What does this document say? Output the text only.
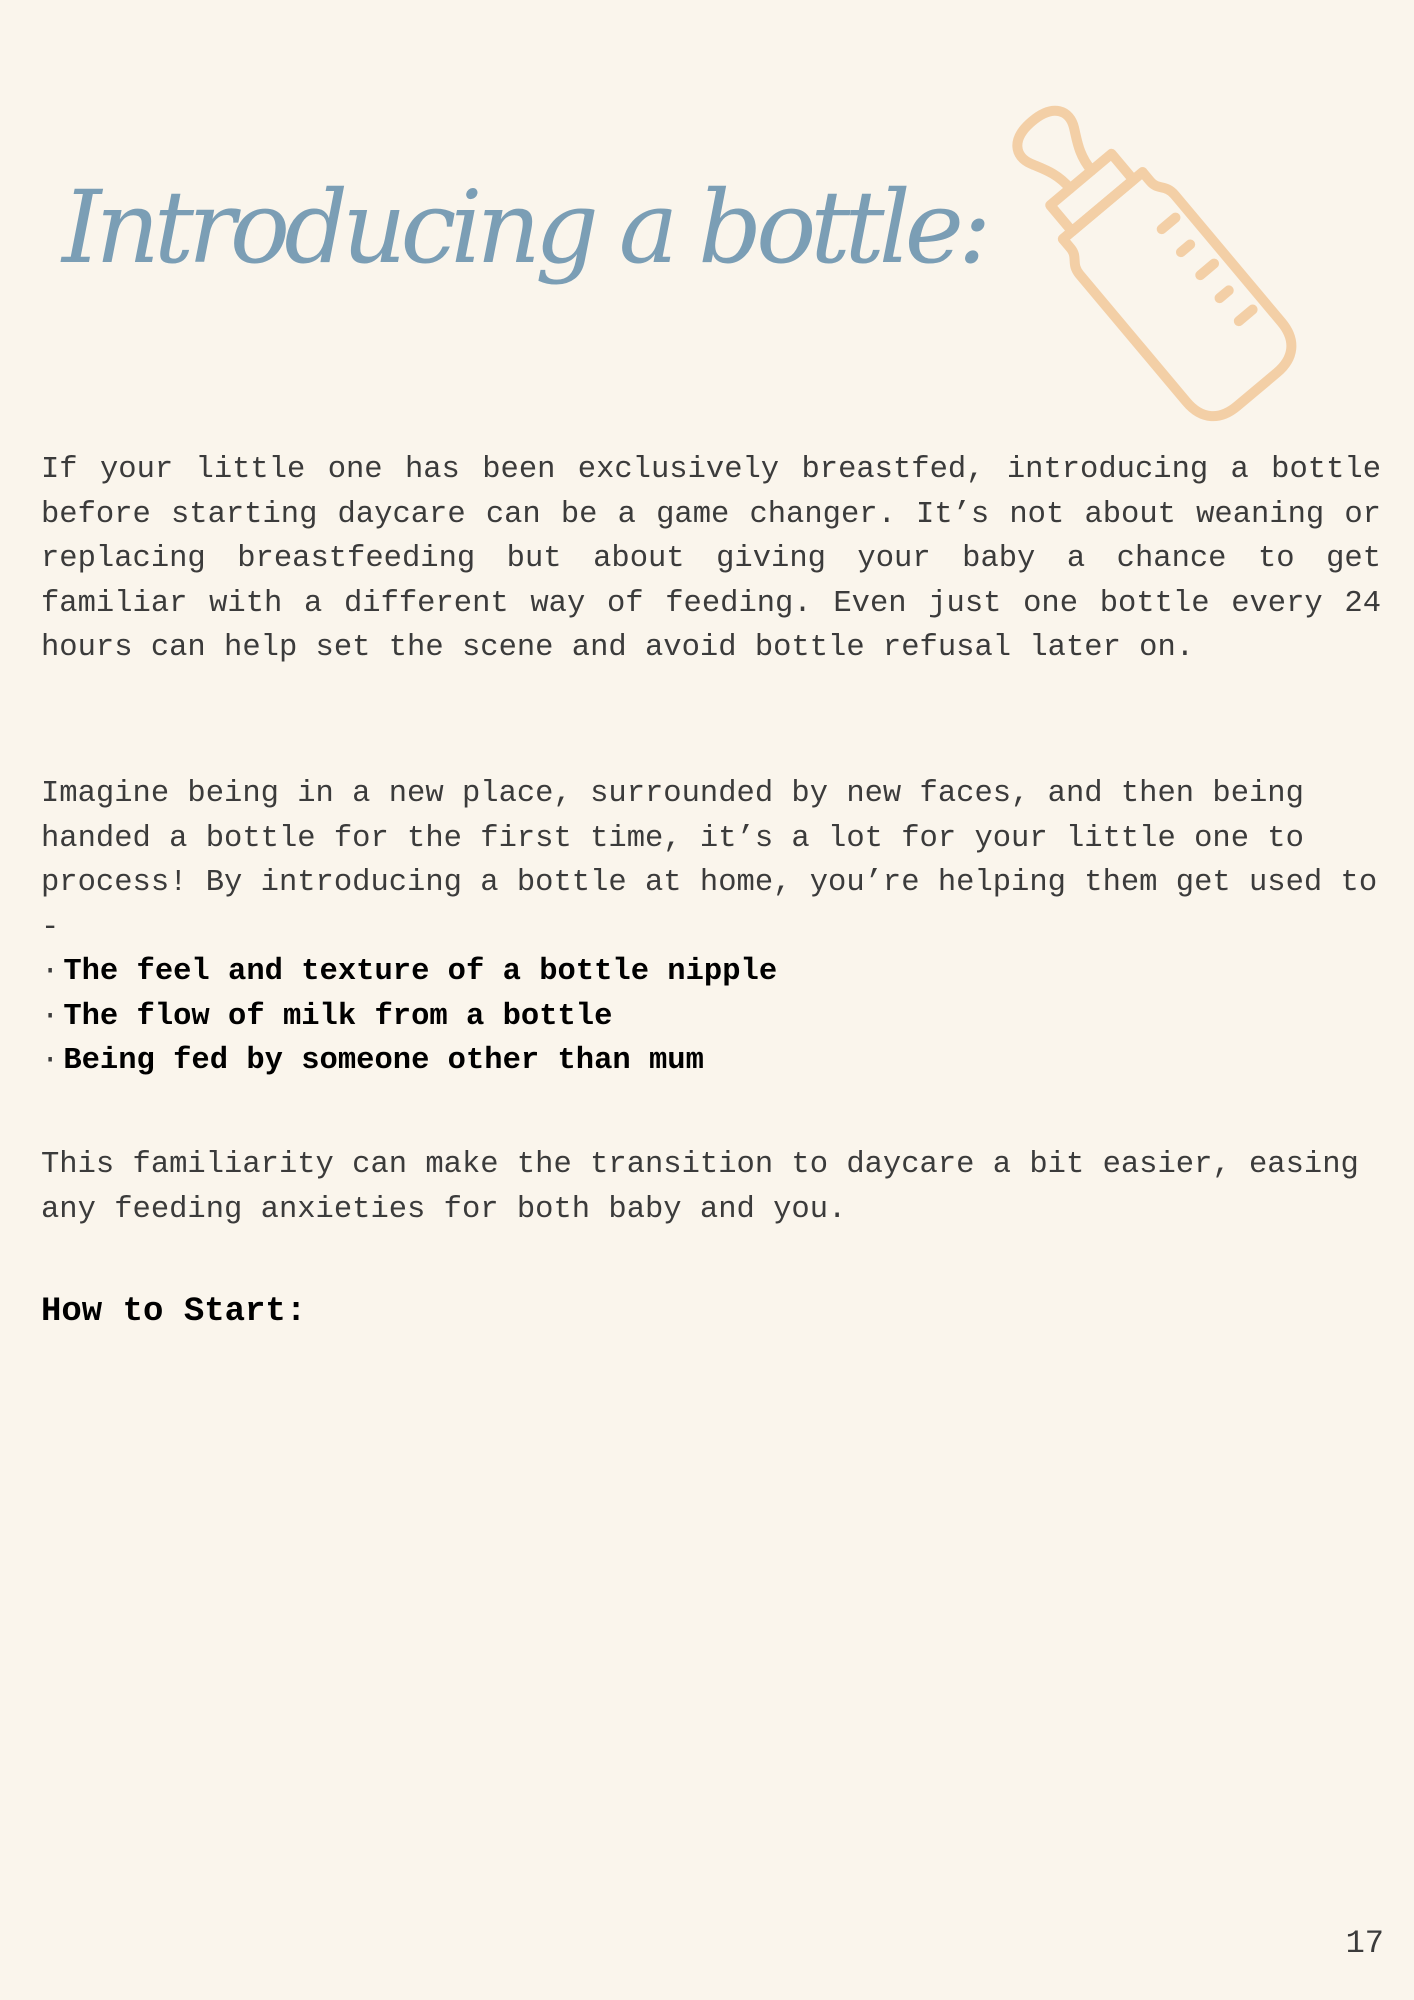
Introducing a bottle:

If your little one has been exclusively breastfed, introducing a bottle before starting daycare can be a game changer. It’s not about weaning or replacing breastfeeding but about giving your baby a chance to get familiar with a different way of feeding. Even just one bottle every 24 hours can help set the scene and avoid bottle refusal later on.

Imagine being in a new place, surrounded by new faces, and then being handed a bottle for the first time, it’s a lot for your little one to process! By introducing a bottle at home, you’re helping them get used to -

· The feel and texture of a bottle nipple
· The flow of milk from a bottle
· Being fed by someone other than mum

This familiarity can make the transition to daycare a bit easier, easing any feeding anxieties for both baby and you.

How to Start:
17
